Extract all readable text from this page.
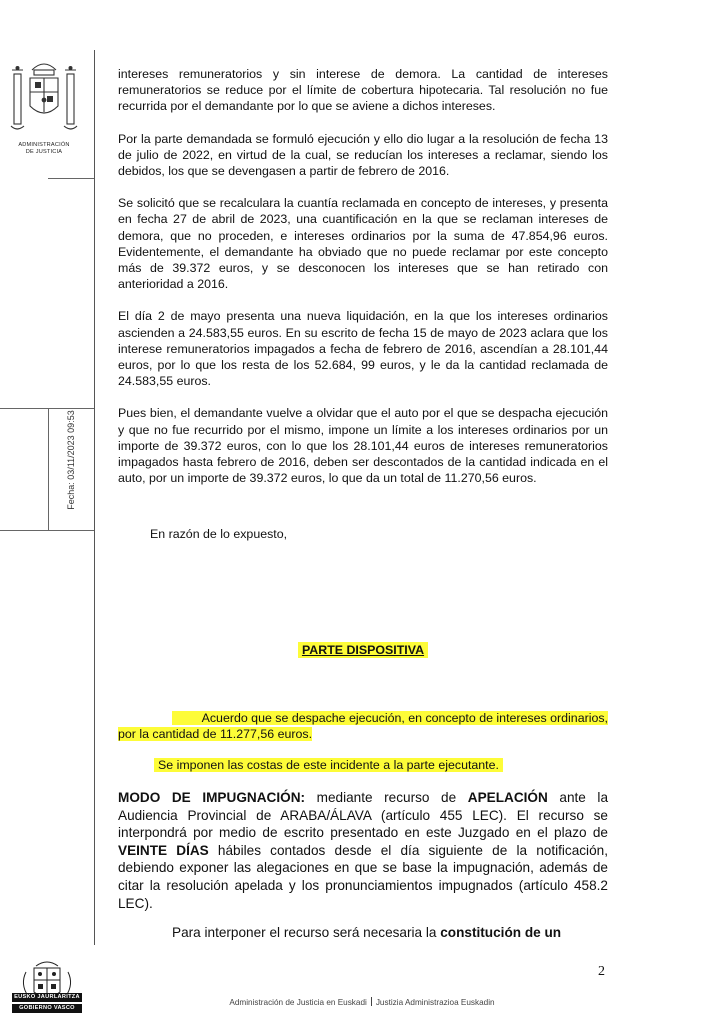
ADMINISTRACIÓN
DE JUSTICIA
Fecha: 03/11/2023 09:53
EUSKO JAURLARITZA
GOBIERNO VASCO

intereses remuneratorios y sin interese de demora. La cantidad de intereses remuneratorios se reduce por el límite de cobertura hipotecaria. Tal resolución no fue recurrida por el demandante por lo que se aviene a dichos intereses.

Por la parte demandada se formuló ejecución y ello dio lugar a la resolución de fecha 13 de julio de 2022, en virtud de la cual, se reducían los intereses a reclamar, siendo los debidos, los que se devengasen a partir de febrero de 2016.

Se solicitó que se recalculara la cuantía reclamada en concepto de intereses, y presenta en fecha 27 de abril de 2023, una cuantificación en la que se reclaman intereses de demora, que no proceden, e intereses ordinarios por la suma de 47.854,96 euros. Evidentemente, el demandante ha obviado que no puede reclamar por este concepto más de 39.372 euros, y se desconocen los intereses que se han retirado con anterioridad a 2016.

El día 2 de mayo presenta una nueva liquidación, en la que los intereses ordinarios ascienden a 24.583,55 euros. En su escrito de fecha 15 de mayo de 2023 aclara que los interese remuneratorios impagados a fecha de febrero de 2016, ascendían a 28.101,44 euros, por lo que los resta de los 52.684, 99 euros, y le da la cantidad reclamada de 24.583,55 euros.

Pues bien, el demandante vuelve a olvidar que el auto por el que se despacha ejecución y que no fue recurrido por el mismo, impone un límite a los intereses ordinarios por un importe de 39.372 euros, con lo que los 28.101,44 euros de intereses remuneratorios impagados hasta febrero de 2016, deben ser descontados de la cantidad indicada en el auto, por un importe de 39.372 euros, lo que da un total de 11.270,56 euros.

En razón de lo expuesto,

PARTE DISPOSITIVA
Acuerdo que se despache ejecución, en concepto de intereses ordinarios,
por la cantidad de 11.277,56 euros.
Se imponen las costas de este incidente a la parte ejecutante.

MODO DE IMPUGNACIÓN: mediante recurso de APELACIÓN ante la Audiencia Provincial de ARABA/ÁLAVA (artículo 455 LEC). El recurso se interpondrá por medio de escrito presentado en este Juzgado en el plazo de VEINTE DÍAS hábiles contados desde el día siguiente de la notificación, debiendo exponer las alegaciones en que se base la impugnación, además de citar la resolución apelada y los pronunciamientos impugnados (artículo 458.2 LEC).

Para interponer el recurso será necesaria la constitución de un

2
Administración de Justicia en Euskadi Justizia Administrazioa Euskadin
